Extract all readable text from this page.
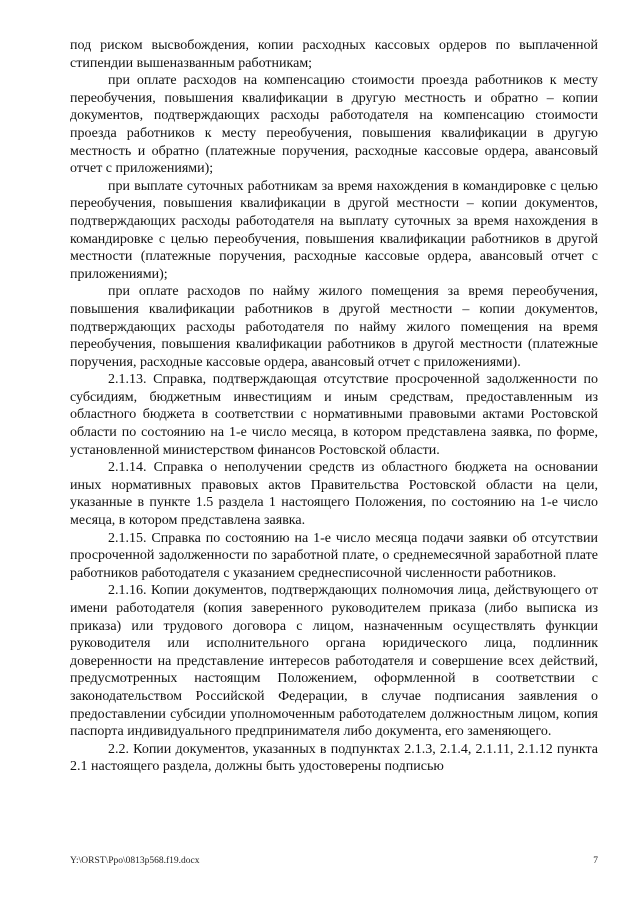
под риском высвобождения, копии расходных кассовых ордеров по выплаченной стипендии вышеназванным работникам;

при оплате расходов на компенсацию стоимости проезда работников к месту переобучения, повышения квалификации в другую местность и обратно – копии документов, подтверждающих расходы работодателя на компенсацию стоимости проезда работников к месту переобучения, повышения квалификации в другую местность и обратно (платежные поручения, расходные кассовые ордера, авансовый отчет с приложениями);

при выплате суточных работникам за время нахождения в командировке с целью переобучения, повышения квалификации в другой местности – копии документов, подтверждающих расходы работодателя на выплату суточных за время нахождения в командировке с целью переобучения, повышения квалификации работников в другой местности (платежные поручения, расходные кассовые ордера, авансовый отчет с приложениями);

при оплате расходов по найму жилого помещения за время переобучения, повышения квалификации работников в другой местности – копии документов, подтверждающих расходы работодателя по найму жилого помещения на время переобучения, повышения квалификации работников в другой местности (платежные поручения, расходные кассовые ордера, авансовый отчет с приложениями).

2.1.13. Справка, подтверждающая отсутствие просроченной задолженности по субсидиям, бюджетным инвестициям и иным средствам, предоставленным из областного бюджета в соответствии с нормативными правовыми актами Ростовской области по состоянию на 1-е число месяца, в котором представлена заявка, по форме, установленной министерством финансов Ростовской области.

2.1.14. Справка о неполучении средств из областного бюджета на основании иных нормативных правовых актов Правительства Ростовской области на цели, указанные в пункте 1.5 раздела 1 настоящего Положения, по состоянию на 1-е число месяца, в котором представлена заявка.

2.1.15. Справка по состоянию на 1-е число месяца подачи заявки об отсутствии просроченной задолженности по заработной плате, о среднемесячной заработной плате работников работодателя с указанием среднесписочной численности работников.

2.1.16. Копии документов, подтверждающих полномочия лица, действующего от имени работодателя (копия заверенного руководителем приказа (либо выписка из приказа) или трудового договора с лицом, назначенным осуществлять функции руководителя или исполнительного органа юридического лица, подлинник доверенности на представление интересов работодателя и совершение всех действий, предусмотренных настоящим Положением, оформленной в соответствии с законодательством Российской Федерации, в случае подписания заявления о предоставлении субсидии уполномоченным работодателем должностным лицом, копия паспорта индивидуального предпринимателя либо документа, его заменяющего.

2.2. Копии документов, указанных в подпунктах 2.1.3, 2.1.4, 2.1.11, 2.1.12 пункта 2.1 настоящего раздела, должны быть удостоверены подписью

Y:\ORST\Ppo\0813p568.f19.docx	7
